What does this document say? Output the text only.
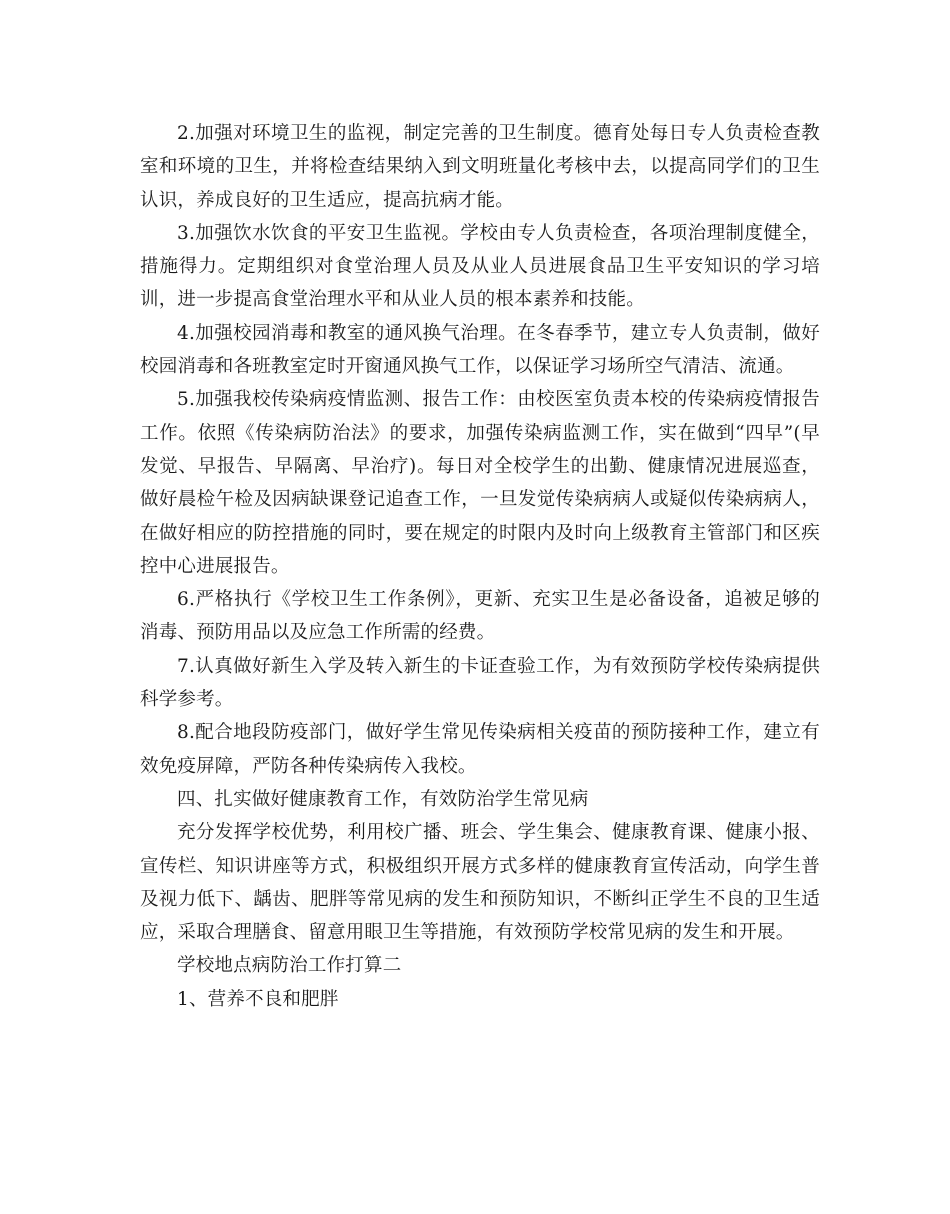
2.加强对环境卫生的监视，制定完善的卫生制度。德育处每日专人负责检查教室和环境的卫生，并将检查结果纳入到文明班量化考核中去，以提高同学们的卫生认识，养成良好的卫生适应，提高抗病才能。

3.加强饮水饮食的平安卫生监视。学校由专人负责检查，各项治理制度健全，措施得力。定期组织对食堂治理人员及从业人员进展食品卫生平安知识的学习培训，进一步提高食堂治理水平和从业人员的根本素养和技能。

4.加强校园消毒和教室的通风换气治理。在冬春季节，建立专人负责制，做好校园消毒和各班教室定时开窗通风换气工作，以保证学习场所空气清洁、流通。

5.加强我校传染病疫情监测、报告工作：由校医室负责本校的传染病疫情报告工作。依照《传染病防治法》的要求，加强传染病监测工作，实在做到“四早”(早发觉、早报告、早隔离、早治疗)。每日对全校学生的出勤、健康情况进展巡查，做好晨检午检及因病缺课登记追查工作，一旦发觉传染病病人或疑似传染病病人，在做好相应的防控措施的同时，要在规定的时限内及时向上级教育主管部门和区疾控中心进展报告。

6.严格执行《学校卫生工作条例》，更新、充实卫生是必备设备，追被足够的消毒、预防用品以及应急工作所需的经费。

7.认真做好新生入学及转入新生的卡证查验工作，为有效预防学校传染病提供科学参考。

8.配合地段防疫部门，做好学生常见传染病相关疫苗的预防接种工作，建立有效免疫屏障，严防各种传染病传入我校。

四、扎实做好健康教育工作，有效防治学生常见病

充分发挥学校优势，利用校广播、班会、学生集会、健康教育课、健康小报、宣传栏、知识讲座等方式，积极组织开展方式多样的健康教育宣传活动，向学生普及视力低下、龋齿、肥胖等常见病的发生和预防知识，不断纠正学生不良的卫生适应，采取合理膳食、留意用眼卫生等措施，有效预防学校常见病的发生和开展。

学校地点病防治工作打算二

1、营养不良和肥胖
